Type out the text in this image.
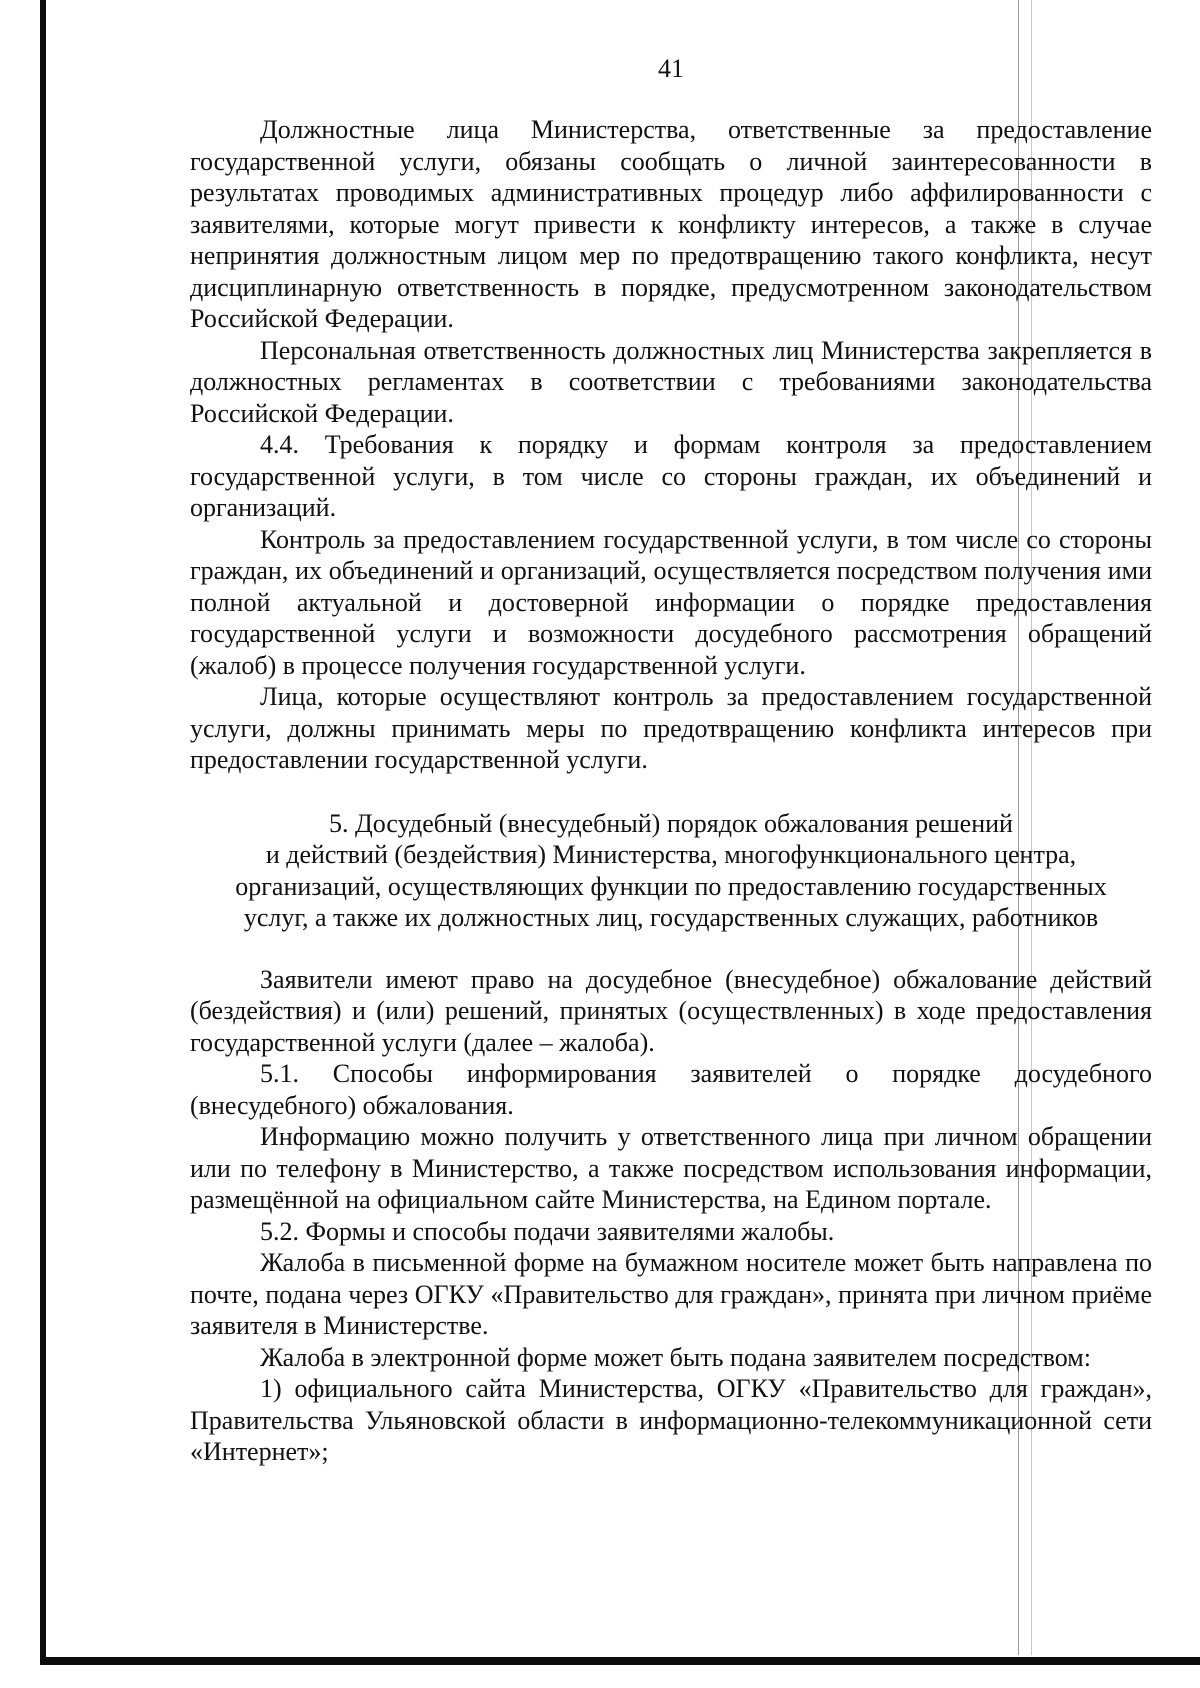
41

Должностные лица Министерства, ответственные за предоставление государственной услуги, обязаны сообщать о личной заинтересованности в результатах проводимых административных процедур либо аффилированности с заявителями, которые могут привести к конфликту интересов, а также в случае непринятия должностным лицом мер по предотвращению такого конфликта, несут дисциплинарную ответственность в порядке, предусмотренном законодательством Российской Федерации.

Персональная ответственность должностных лиц Министерства закрепляется в должностных регламентах в соответствии с требованиями законодательства Российской Федерации.

4.4. Требования к порядку и формам контроля за предоставлением государственной услуги, в том числе со стороны граждан, их объединений и организаций.

Контроль за предоставлением государственной услуги, в том числе со стороны граждан, их объединений и организаций, осуществляется посредством получения ими полной актуальной и достоверной информации о порядке предоставления государственной услуги и возможности досудебного рассмотрения обращений (жалоб) в процессе получения государственной услуги.

Лица, которые осуществляют контроль за предоставлением государственной услуги, должны принимать меры по предотвращению конфликта интересов при предоставлении государственной услуги.

5. Досудебный (внесудебный) порядок обжалования решений
и действий (бездействия) Министерства, многофункционального центра,
организаций, осуществляющих функции по предоставлению государственных
услуг, а также их должностных лиц, государственных служащих, работников

Заявители имеют право на досудебное (внесудебное) обжалование действий (бездействия) и (или) решений, принятых (осуществленных) в ходе предоставления государственной услуги (далее – жалоба).

5.1. Способы информирования заявителей о порядке досудебного (внесудебного) обжалования.

Информацию можно получить у ответственного лица при личном обращении или по телефону в Министерство, а также посредством использования информации, размещённой на официальном сайте Министерства, на Едином портале.

5.2. Формы и способы подачи заявителями жалобы.

Жалоба в письменной форме на бумажном носителе может быть направлена по почте, подана через ОГКУ «Правительство для граждан», принята при личном приёме заявителя в Министерстве.

Жалоба в электронной форме может быть подана заявителем посредством:

1) официального сайта Министерства, ОГКУ «Правительство для граждан», Правительства Ульяновской области в информационно-телекоммуникационной сети «Интернет»;
